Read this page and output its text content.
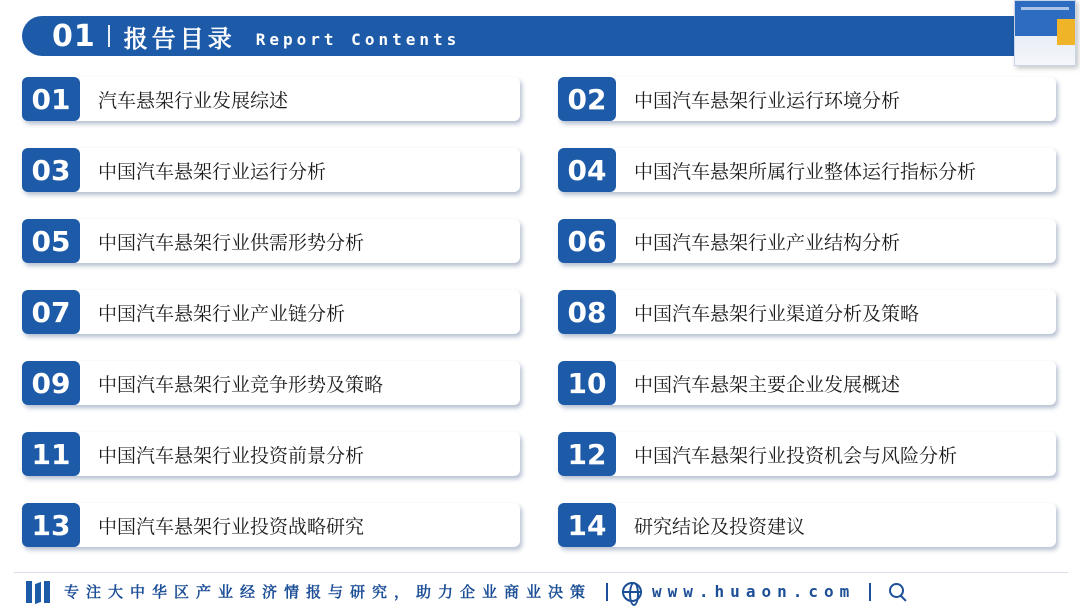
01 报告目录 Report Contents
01	汽车悬架行业发展综述	02	中国汽车悬架行业运行环境分析
03	中国汽车悬架行业运行分析	04	中国汽车悬架所属行业整体运行指标分析
05	中国汽车悬架行业供需形势分析	06	中国汽车悬架行业产业结构分析
07	中国汽车悬架行业产业链分析	08	中国汽车悬架行业渠道分析及策略
09	中国汽车悬架行业竞争形势及策略	10	中国汽车悬架主要企业发展概述
11	中国汽车悬架行业投资前景分析	12	中国汽车悬架行业投资机会与风险分析
13	中国汽车悬架行业投资战略研究	14	研究结论及投资建议
专注大中华区产业经济情报与研究，助力企业商业决策	www.huaon.com
